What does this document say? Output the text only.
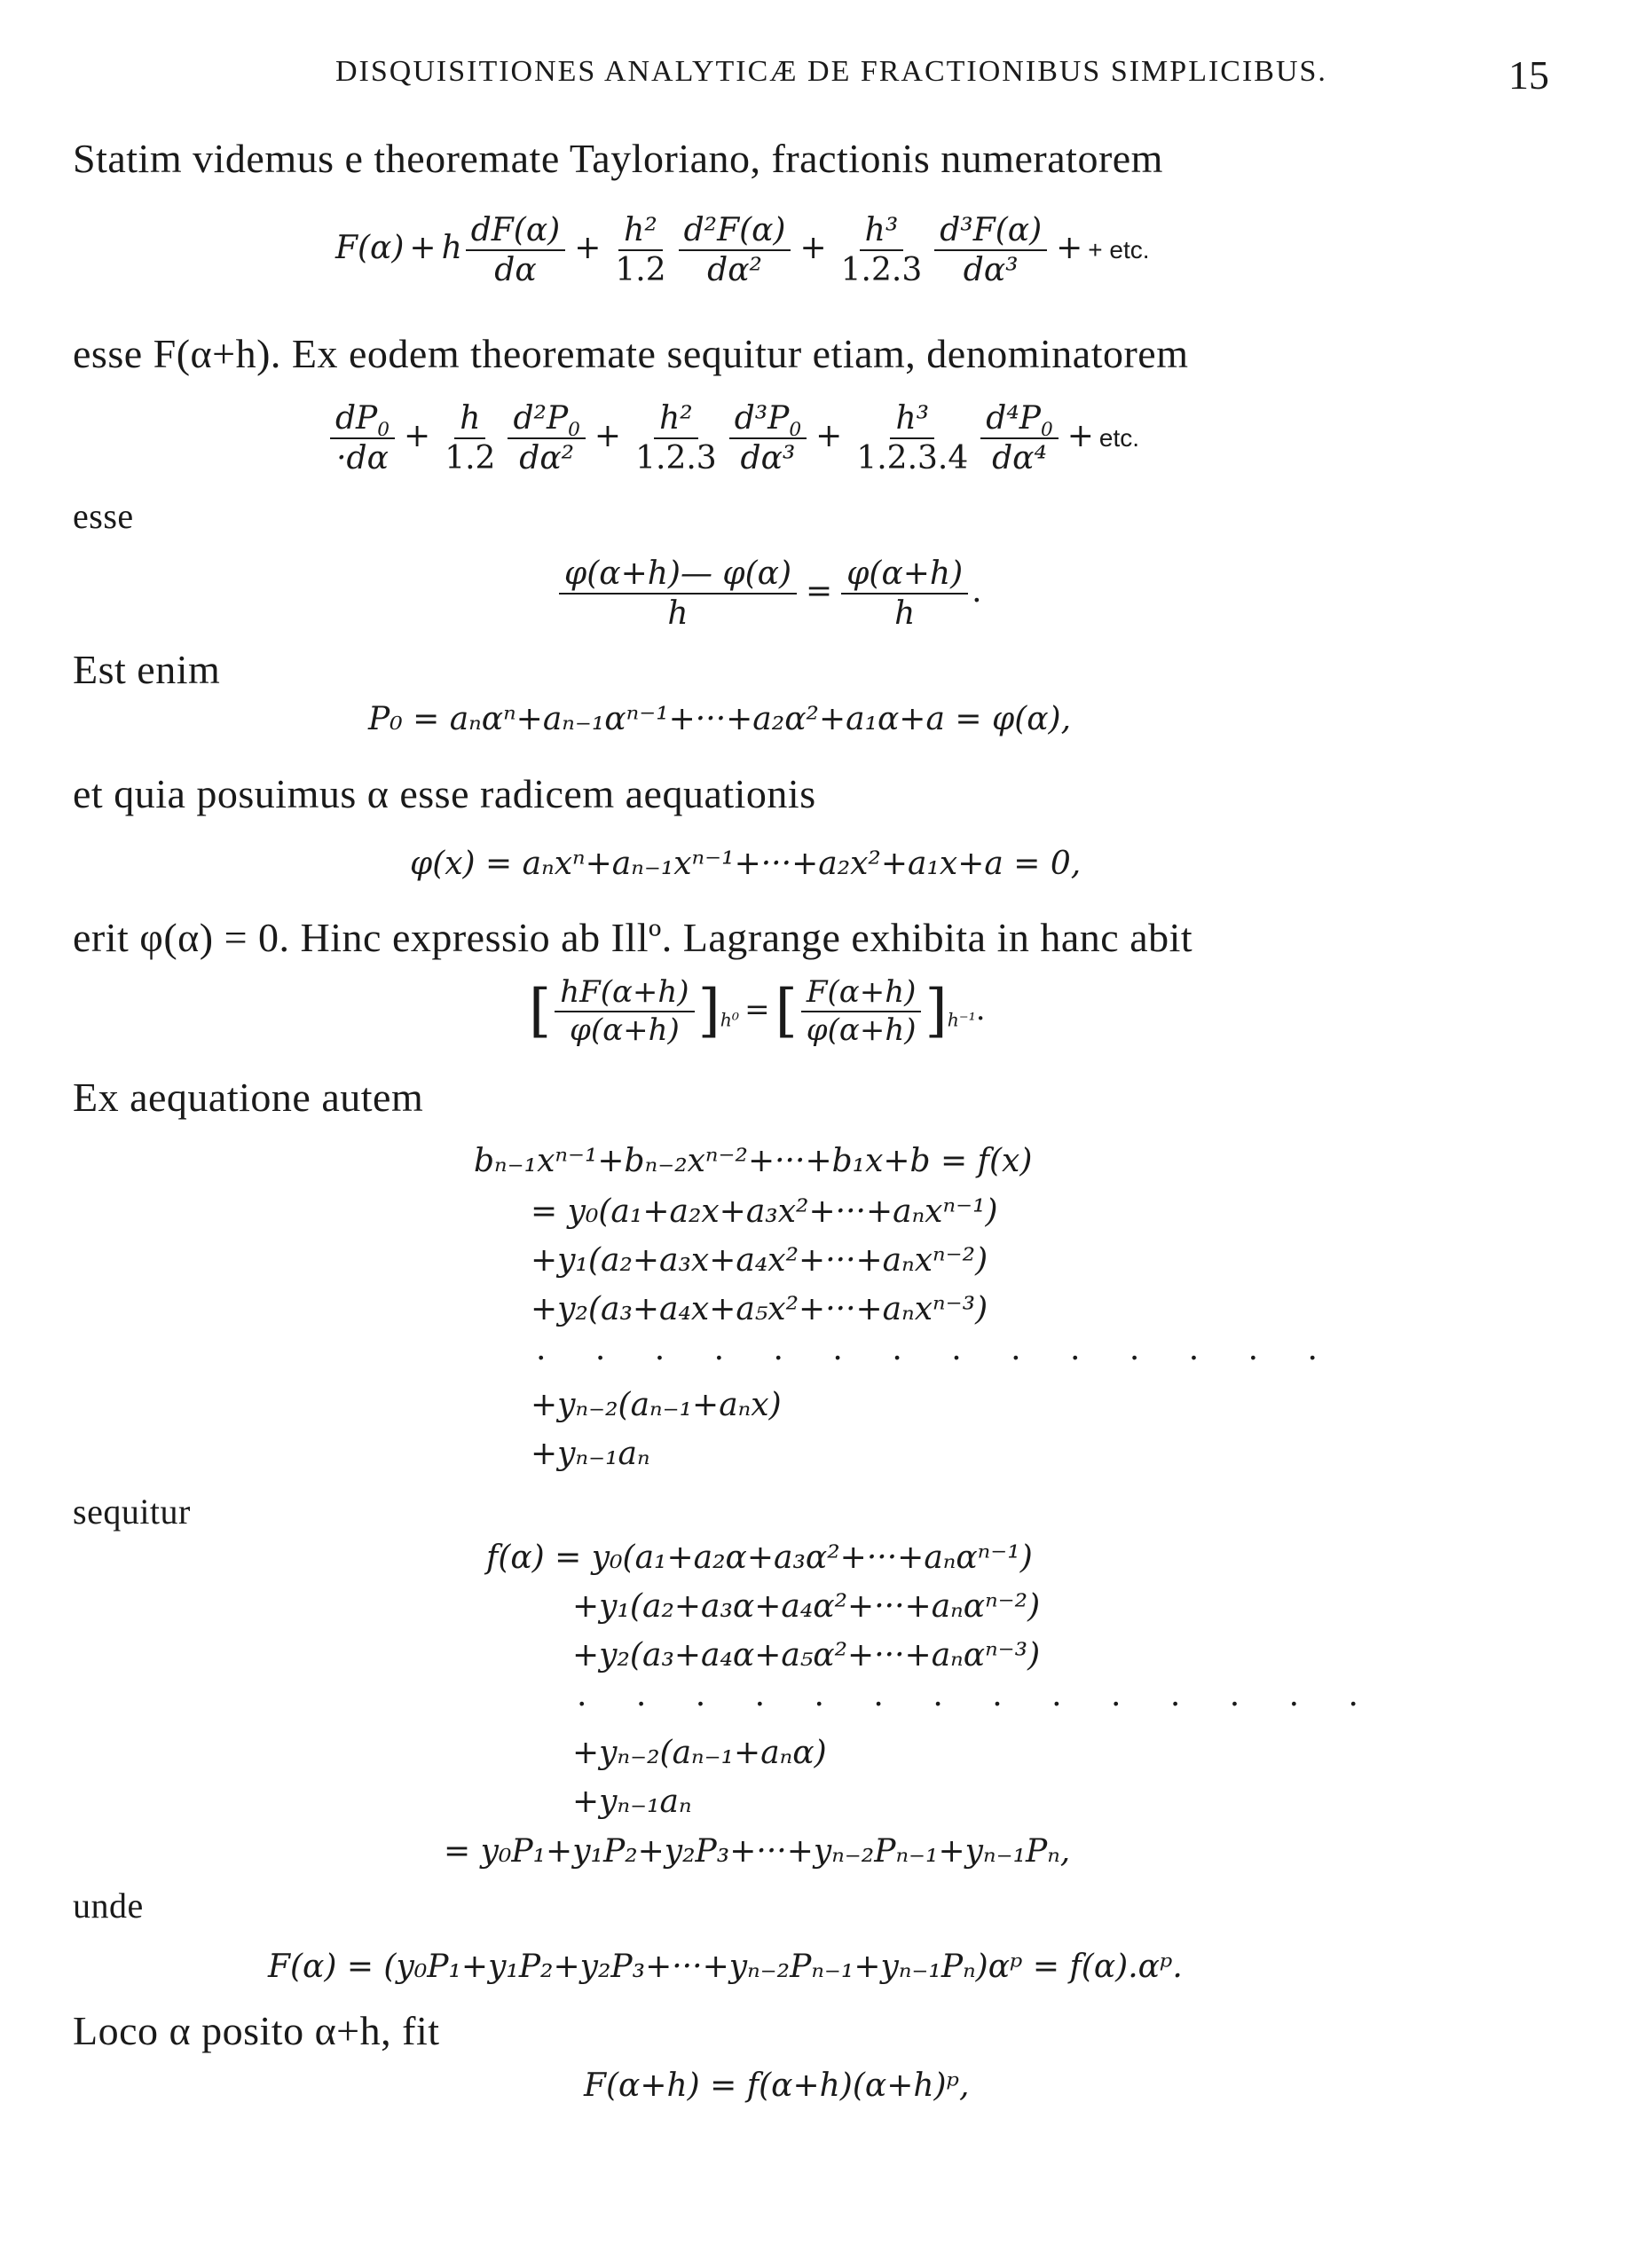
DISQUISITIONES ANALYTICÆ DE FRACTIONIBUS SIMPLICIBUS.	15
Statim videmus e theoremate Tayloriano, fractionis numeratorem
F(α) + h $\frac{dF(\alpha)}{d\alpha} + \frac{\text{h²}}{1.2} \frac{\text{d²F(α)}}{\text{dα²}} + \frac{\text{h³}}{1.2.3} \frac{\text{d³F(α)}}{\text{dα³}}$ + + etc.
esse F(α+h). Ex eodem theoremate sequitur etiam, denominatorem
$\frac{dP_0}{\cdot d\alpha} + \frac{h}{1.2} \frac{d^2P_0}{\text{dα²}} + \frac{\text{h²}}{1.2.3} \frac{d^3P_0}{\text{dα³}} + \frac{\text{h³}}{1.2.3.4} \frac{d^4P_0}{\text{dα⁴}}$ + etc.
esse
$\frac{\varphi(\alpha+h)— \varphi(\alpha)}{h} = \frac{\varphi(\alpha+h)}{h}$ .
Est enim
P₀ = aₙαⁿ+aₙ₋₁αⁿ⁻¹+···+a₂α²+a₁α+a = φ(α),
et quia posuimus α esse radicem aequationis
φ(x) = aₙxⁿ+aₙ₋₁xⁿ⁻¹+···+a₂x²+a₁x+a = 0,
erit φ(α) = 0. Hinc expressio ab Illº. Lagrange exhibita in hanc abit
[ $\frac{hF(\alpha+h)}{\varphi(\alpha+h)} ]_{h^0}$ =[ $\frac{F(\alpha+h)}{\varphi(\alpha+h)} ]_{h^{-1}}$.
Ex aequatione autem
bₙ₋₁xⁿ⁻¹+bₙ₋₂xⁿ⁻²+···+b₁x+b = f(x)
= y₀(a₁+a₂x+a₃x²+···+aₙxⁿ⁻¹)
+y₁(a₂+a₃x+a₄x²+···+aₙxⁿ⁻²)
+y₂(a₃+a₄x+a₅x²+···+aₙxⁿ⁻³)
. . . . . . . . . . . . . .
+yₙ₋₂(aₙ₋₁+aₙx)
+yₙ₋₁aₙ
sequitur
f(α) = y₀(a₁+a₂α+a₃α²+···+aₙαⁿ⁻¹)
+y₁(a₂+a₃α+a₄α²+···+aₙαⁿ⁻²)
+y₂(a₃+a₄α+a₅α²+···+aₙαⁿ⁻³)
. . . . . . . . . . . . . .
+yₙ₋₂(aₙ₋₁+aₙα)
+yₙ₋₁aₙ
= y₀P₁+y₁P₂+y₂P₃+···+yₙ₋₂Pₙ₋₁+yₙ₋₁Pₙ,
unde
F(α) = (y₀P₁+y₁P₂+y₂P₃+···+yₙ₋₂Pₙ₋₁+yₙ₋₁Pₙ)αᵖ = f(α).αᵖ.
Loco α posito α+h, fit
F(α+h) = f(α+h)(α+h)ᵖ,
